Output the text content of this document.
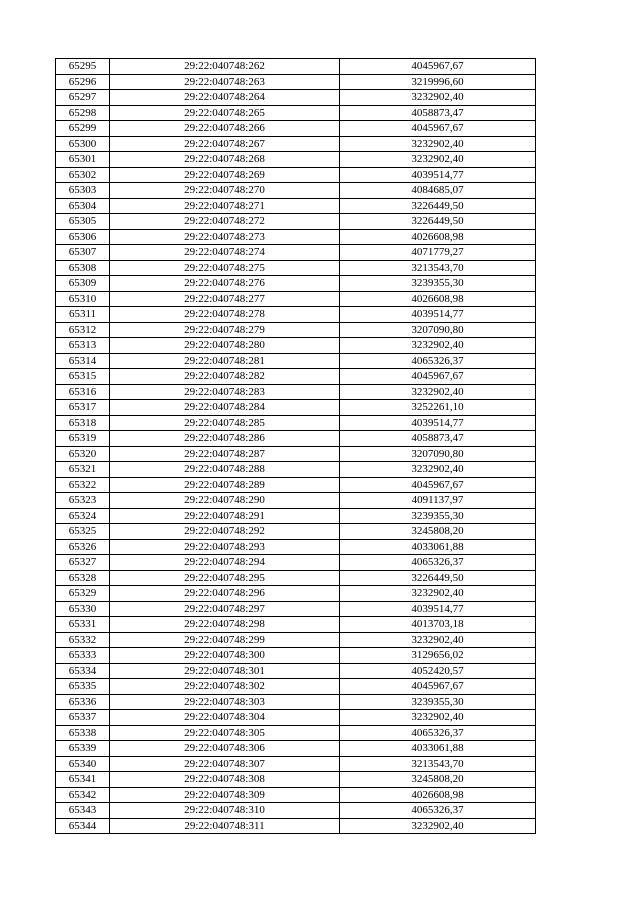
65295	29:22:040748:262	4045967,67
65296	29:22:040748:263	3219996,60
65297	29:22:040748:264	3232902,40
65298	29:22:040748:265	4058873,47
65299	29:22:040748:266	4045967,67
65300	29:22:040748:267	3232902,40
65301	29:22:040748:268	3232902,40
65302	29:22:040748:269	4039514,77
65303	29:22:040748:270	4084685,07
65304	29:22:040748:271	3226449,50
65305	29:22:040748:272	3226449,50
65306	29:22:040748:273	4026608,98
65307	29:22:040748:274	4071779,27
65308	29:22:040748:275	3213543,70
65309	29:22:040748:276	3239355,30
65310	29:22:040748:277	4026608,98
65311	29:22:040748:278	4039514,77
65312	29:22:040748:279	3207090,80
65313	29:22:040748:280	3232902,40
65314	29:22:040748:281	4065326,37
65315	29:22:040748:282	4045967,67
65316	29:22:040748:283	3232902,40
65317	29:22:040748:284	3252261,10
65318	29:22:040748:285	4039514,77
65319	29:22:040748:286	4058873,47
65320	29:22:040748:287	3207090,80
65321	29:22:040748:288	3232902,40
65322	29:22:040748:289	4045967,67
65323	29:22:040748:290	4091137,97
65324	29:22:040748:291	3239355,30
65325	29:22:040748:292	3245808,20
65326	29:22:040748:293	4033061,88
65327	29:22:040748:294	4065326,37
65328	29:22:040748:295	3226449,50
65329	29:22:040748:296	3232902,40
65330	29:22:040748:297	4039514,77
65331	29:22:040748:298	4013703,18
65332	29:22:040748:299	3232902,40
65333	29:22:040748:300	3129656,02
65334	29:22:040748:301	4052420,57
65335	29:22:040748:302	4045967,67
65336	29:22:040748:303	3239355,30
65337	29:22:040748:304	3232902,40
65338	29:22:040748:305	4065326,37
65339	29:22:040748:306	4033061,88
65340	29:22:040748:307	3213543,70
65341	29:22:040748:308	3245808,20
65342	29:22:040748:309	4026608,98
65343	29:22:040748:310	4065326,37
65344	29:22:040748:311	3232902,40
